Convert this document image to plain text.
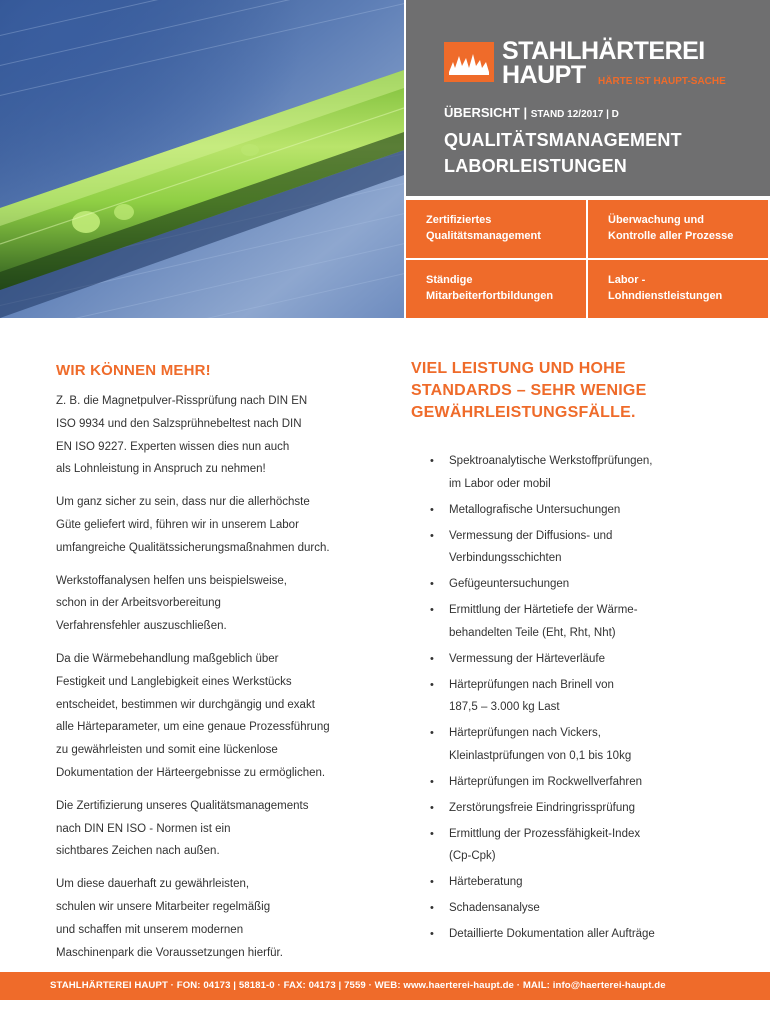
STAHLHÄRTEREI
HAUPT HÄRTE IST HAUPT-SACHE
ÜBERSICHT | STAND 12/2017 | D
QUALITÄTSMANAGEMENT
LABORLEISTUNGEN
Zertifiziertes
Qualitätsmanagement
Überwachung und
Kontrolle aller Prozesse
Ständige
Mitarbeiterfortbildungen
Labor -
Lohndienstleistungen
WIR KÖNNEN MEHR!

Z. B. die Magnetpulver-Rissprüfung nach DIN EN
ISO 9934 und den Salzsprühnebeltest nach DIN
EN ISO 9227. Experten wissen dies nun auch
als Lohnleistung in Anspruch zu nehmen!

Um ganz sicher zu sein, dass nur die allerhöchste
Güte geliefert wird, führen wir in unserem Labor
umfangreiche Qualitätssicherungsmaßnahmen durch.

Werkstoffanalysen helfen uns beispielsweise,
schon in der Arbeitsvorbereitung
Verfahrensfehler auszuschließen.

Da die Wärmebehandlung maßgeblich über
Festigkeit und Langlebigkeit eines Werkstücks
entscheidet, bestimmen wir durchgängig und exakt
alle Härteparameter, um eine genaue Prozessführung
zu gewährleisten und somit eine lückenlose
Dokumentation der Härteergebnisse zu ermöglichen.

Die Zertifizierung unseres Qualitätsmanagements
nach DIN EN ISO - Normen ist ein
sichtbares Zeichen nach außen.

Um diese dauerhaft zu gewährleisten,
schulen wir unsere Mitarbeiter regelmäßig
und schaffen mit unserem modernen
Maschinenpark die Voraussetzungen hierfür.

VIEL LEISTUNG UND HOHE
STANDARDS – SEHR WENIGE
GEWÄHRLEISTUNGSFÄLLE.
• Spektroanalytische Werkstoffprüfungen,
im Labor oder mobil
• Metallografische Untersuchungen
• Vermessung der Diffusions- und
Verbindungsschichten
• Gefügeuntersuchungen
• Ermittlung der Härtetiefe der Wärme-
behandelten Teile (Eht, Rht, Nht)
• Vermessung der Härteverläufe
• Härteprüfungen nach Brinell von
187,5 – 3.000 kg Last
• Härteprüfungen nach Vickers,
Kleinlastprüfungen von 0,1 bis 10kg
• Härteprüfungen im Rockwellverfahren
• Zerstörungsfreie Eindringrissprüfung
• Ermittlung der Prozessfähigkeit-Index
(Cp-Cpk)
• Härteberatung
• Schadensanalyse
• Detaillierte Dokumentation aller Aufträge
STAHLHÄRTEREI HAUPT · FON: 04173 | 58181-0 · FAX: 04173 | 7559 · WEB: www.haerterei-haupt.de · MAIL: info@haerterei-haupt.de
